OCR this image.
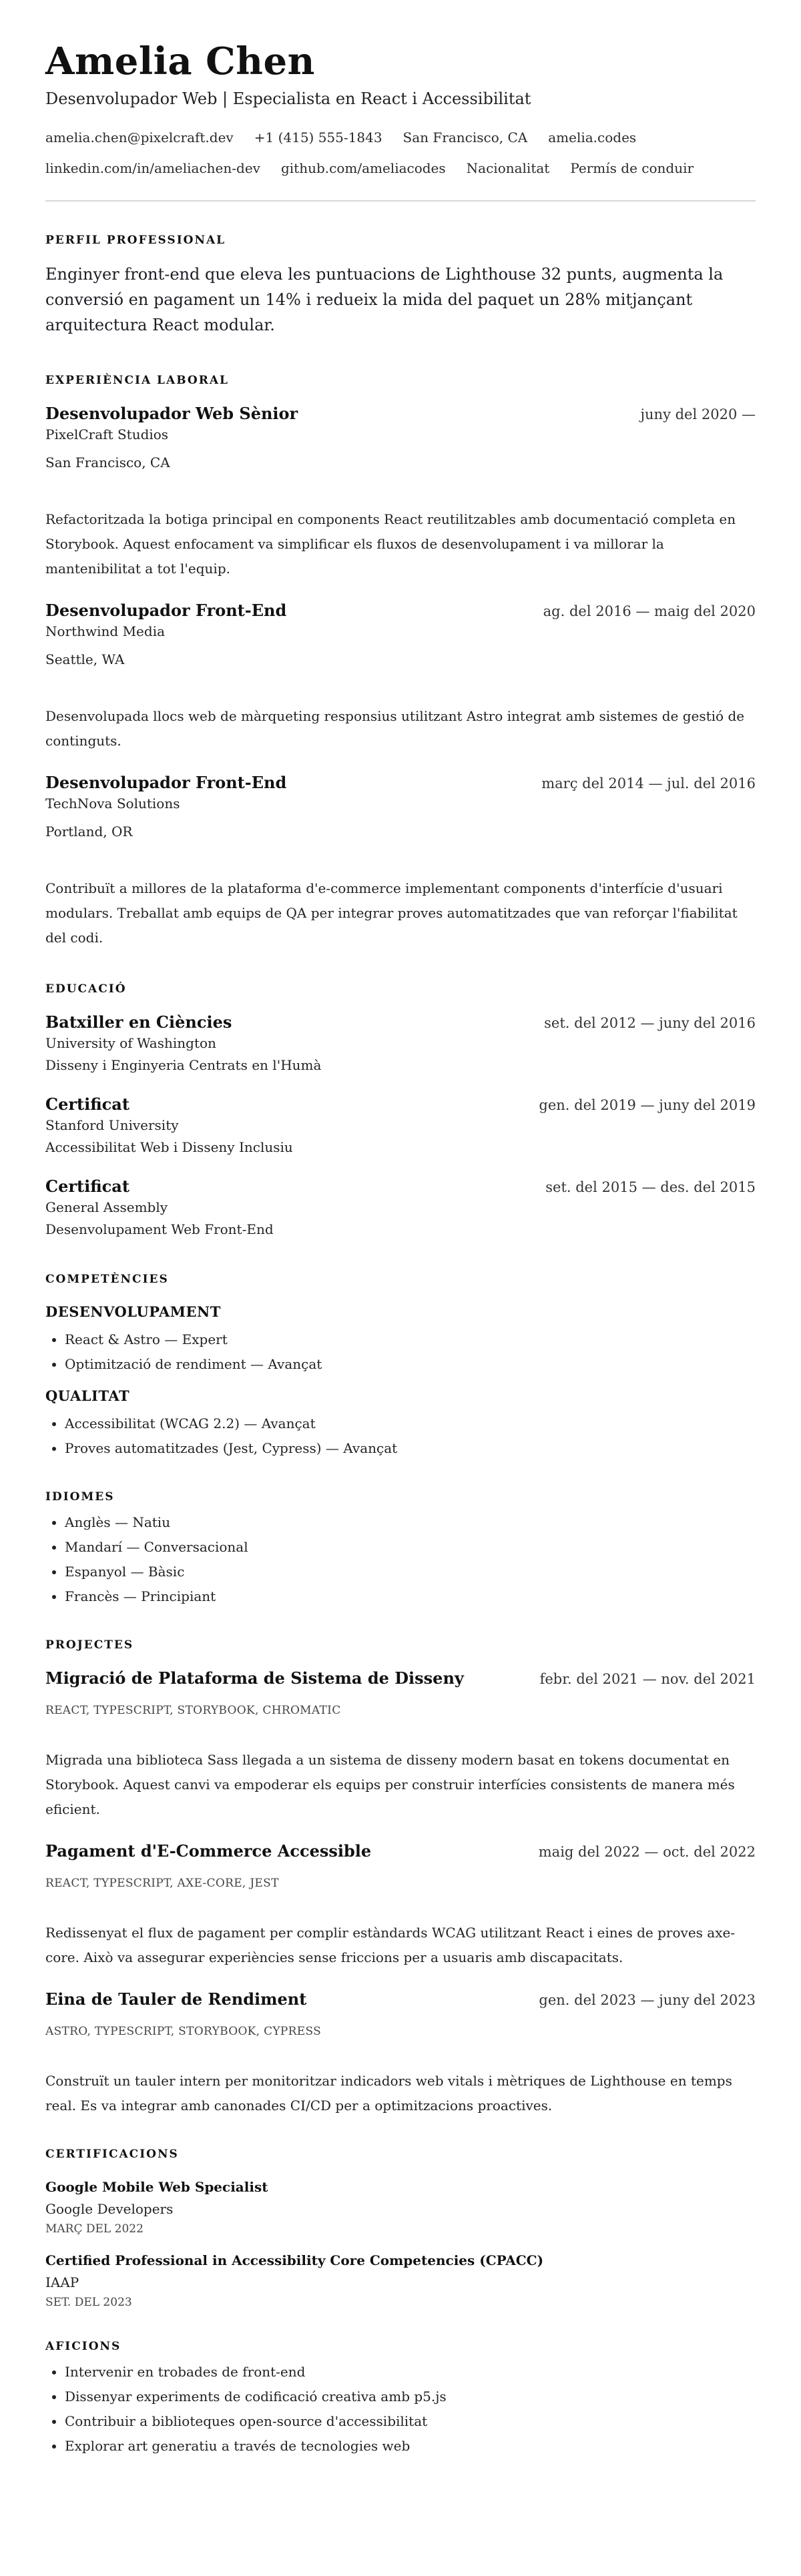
Amelia Chen
Desenvolupador Web | Especialista en React i Accessibilitat
amelia.chen@pixelcraft.dev +1 (415) 555-1843 San Francisco, CA amelia.codes
linkedin.com/in/ameliachen-dev github.com/ameliacodes Nacionalitat Permís de conduir
PERFIL PROFESSIONAL

Enginyer front-end que eleva les puntuacions de Lighthouse 32 punts, augmenta la conversió en pagament un 14% i redueix la mida del paquet un 28% mitjançant arquitectura React modular.

EXPERIÈNCIA LABORAL
Desenvolupador Web Sènior	juny del 2020 —
PixelCraft Studios
San Francisco, CA
Refactoritzada la botiga principal en components React reutilitzables amb documentació completa en Storybook. Aquest enfocament va simplificar els fluxos de desenvolupament i va millorar la mantenibilitat a tot l'equip.
Desenvolupador Front-End	ag. del 2016 — maig del 2020
Northwind Media
Seattle, WA
Desenvolupada llocs web de màrqueting responsius utilitzant Astro integrat amb sistemes de gestió de continguts.
Desenvolupador Front-End	març del 2014 — jul. del 2016
TechNova Solutions
Portland, OR
Contribuït a millores de la plataforma d'e-commerce implementant components d'interfície d'usuari modulars. Treballat amb equips de QA per integrar proves automatitzades que van reforçar l'fiabilitat del codi.
EDUCACIÓ
Batxiller en Ciències	set. del 2012 — juny del 2016
University of Washington
Disseny i Enginyeria Centrats en l'Humà
Certificat	gen. del 2019 — juny del 2019
Stanford University
Accessibilitat Web i Disseny Inclusiu
Certificat	set. del 2015 — des. del 2015
General Assembly
Desenvolupament Web Front-End
COMPETÈNCIES
DESENVOLUPAMENT
• React & Astro — Expert
• Optimització de rendiment — Avançat
QUALITAT
• Accessibilitat (WCAG 2.2) — Avançat
• Proves automatitzades (Jest, Cypress) — Avançat
IDIOMES
• Anglès — Natiu
• Mandarí — Conversacional
• Espanyol — Bàsic
• Francès — Principiant
PROJECTES
Migració de Plataforma de Sistema de Disseny	febr. del 2021 — nov. del 2021
REACT, TYPESCRIPT, STORYBOOK, CHROMATIC
Migrada una biblioteca Sass llegada a un sistema de disseny modern basat en tokens documentat en Storybook. Aquest canvi va empoderar els equips per construir interfícies consistents de manera més eficient.
Pagament d'E-Commerce Accessible	maig del 2022 — oct. del 2022
REACT, TYPESCRIPT, AXE-CORE, JEST
Redissenyat el flux de pagament per complir estàndards WCAG utilitzant React i eines de proves axe-core. Això va assegurar experiències sense friccions per a usuaris amb discapacitats.
Eina de Tauler de Rendiment	gen. del 2023 — juny del 2023
ASTRO, TYPESCRIPT, STORYBOOK, CYPRESS
Construït un tauler intern per monitoritzar indicadors web vitals i mètriques de Lighthouse en temps real. Es va integrar amb canonades CI/CD per a optimitzacions proactives.
CERTIFICACIONS
Google Mobile Web Specialist
Google Developers
MARÇ DEL 2022
Certified Professional in Accessibility Core Competencies (CPACC)
IAAP
SET. DEL 2023
AFICIONS
• Intervenir en trobades de front-end
• Dissenyar experiments de codificació creativa amb p5.js
• Contribuir a biblioteques open-source d'accessibilitat
• Explorar art generatiu a través de tecnologies web
